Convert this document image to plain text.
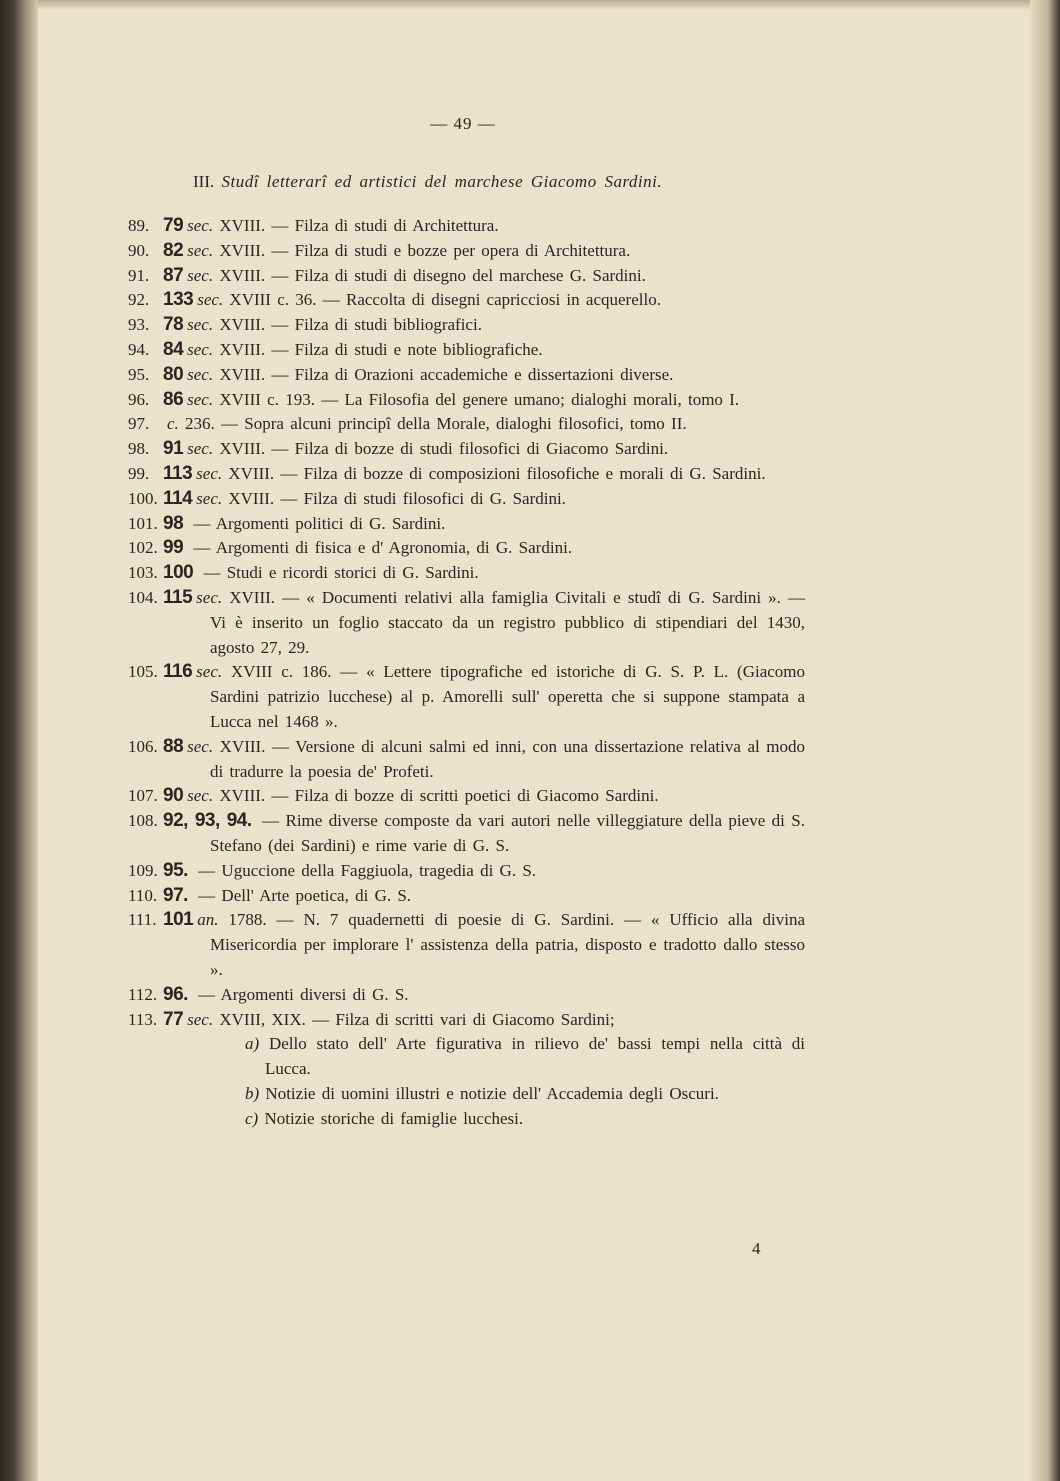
— 49 —
III. Studî letterarî ed artistici del marchese Giacomo Sardini.
89. 79 sec. XVIII. — Filza di studi di Architettura.
90. 82 sec. XVIII. — Filza di studi e bozze per opera di Architettura.
91. 87 sec. XVIII. — Filza di studi di disegno del marchese G. Sardini.
92. 133 sec. XVIII c. 36. — Raccolta di disegni capricciosi in acquerello.
93. 78 sec. XVIII. — Filza di studi bibliografici.
94. 84 sec. XVIII. — Filza di studi e note bibliografiche.
95. 80 sec. XVIII. — Filza di Orazioni accademiche e dissertazioni diverse.
96. 86 sec. XVIII c. 193. — La Filosofia del genere umano; dialoghi morali, tomo I.
97. c. 236. — Sopra alcuni principî della Morale, dialoghi filosofici, tomo II.
98. 91 sec. XVIII. — Filza di bozze di studi filosofici di Giacomo Sardini.
99. 113 sec. XVIII. — Filza di bozze di composizioni filosofiche e morali di G. Sardini.
100. 114 sec. XVIII. — Filza di studi filosofici di G. Sardini.
101. 98 — Argomenti politici di G. Sardini.
102. 99 — Argomenti di fisica e d' Agronomia, di G. Sardini.
103. 100 — Studi e ricordi storici di G. Sardini.
104. 115 sec. XVIII. — « Documenti relativi alla famiglia Civitali e studî di G. Sardini ». — Vi è inserito un foglio staccato da un registro pubblico di stipendiari del 1430, agosto 27, 29.
105. 116 sec. XVIII c. 186. — « Lettere tipografiche ed istoriche di G. S. P. L. (Giacomo Sardini patrizio lucchese) al p. Amorelli sull' operetta che si suppone stampata a Lucca nel 1468 ».
106. 88 sec. XVIII. — Versione di alcuni salmi ed inni, con una dissertazione relativa al modo di tradurre la poesia de' Profeti.
107. 90 sec. XVIII. — Filza di bozze di scritti poetici di Giacomo Sardini.
108. 92, 93, 94. — Rime diverse composte da vari autori nelle villeggiature della pieve di S. Stefano (dei Sardini) e rime varie di G. S.
109. 95. — Uguccione della Faggiuola, tragedia di G. S.
110. 97. — Dell' Arte poetica, di G. S.
111. 101 an. 1788. — N. 7 quadernetti di poesie di G. Sardini. — « Ufficio alla divina Misericordia per implorare l' assistenza della patria, disposto e tradotto dallo stesso ».
112. 96. — Argomenti diversi di G. S.
113. 77 sec. XVIII, XIX. — Filza di scritti vari di Giacomo Sardini;
a) Dello stato dell' Arte figurativa in rilievo de' bassi tempi nella città di Lucca.
b) Notizie di uomini illustri e notizie dell' Accademia degli Oscuri.
c) Notizie storiche di famiglie lucchesi.
4
